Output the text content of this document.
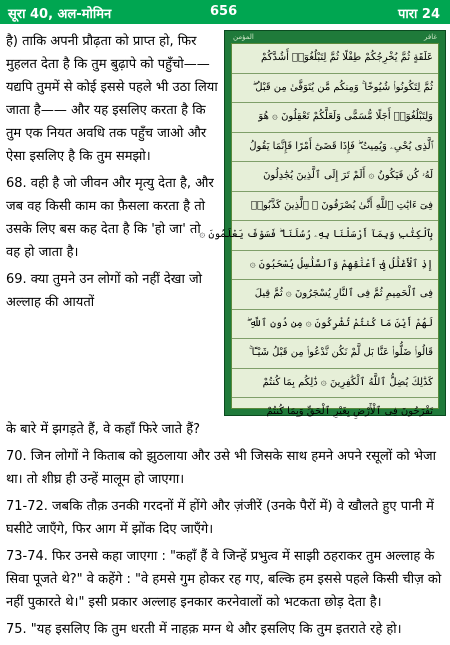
सूरा 40, अल-मोमिन	656	पारा 24

है) ताकि अपनी प्रौढ़ता को प्राप्त हो, फिर मुहलत देता है कि तुम बुढ़ापे को पहुँचो—— यद्यपि तुममें से कोई इससे पहले भी उठा लिया जाता है—— और यह इसलिए करता है कि तुम एक नियत अवधि तक पहुँच जाओ और ऐसा इसलिए है कि तुम समझो।

68. वही है जो जीवन और मृत्यु देता है, और जब वह किसी काम का फ़ैसला करता है तो उसके लिए बस कह देता है कि 'हो जा' तो वह हो जाता है।

69. क्या तुमने उन लोगों को नहीं देखा जो अल्लाह की आयतों

المؤمن	غافر
عَلَقَةٍ ثُمَّ يُخْرِجُكُمْ طِفْلًا ثُمَّ لِتَبْلُغُوٓا۟ أَشُدَّكُمْ
ثُمَّ لِتَكُونُوا۟ شُيُوخًا ۚ وَمِنكُم مَّن يُتَوَفَّىٰ مِن قَبْلُ ۖ
وَلِتَبْلُغُوٓا۟ أَجَلًا مُّسَمًّى وَلَعَلَّكُمْ تَعْقِلُونَ ۞ هُوَ
ٱلَّذِى يُحْىِۦ وَيُمِيتُ ۖ فَإِذَا قَضَىٰٓ أَمْرًا فَإِنَّمَا يَقُولُ
لَهُۥ كُن فَيَكُونُ ۞ أَلَمْ تَرَ إِلَى ٱلَّذِينَ يُجَٰدِلُونَ
فِىٓ ءَايَٰتِ ٱللَّهِ أَنَّىٰ يُصْرَفُونَ ۞ ٱلَّذِينَ كَذَّبُوا۟
بِٱلْكِتَٰبِ وَبِمَآ أَرْسَلْنَا بِهِۦ رُسُلَنَا ۖ فَسَوْفَ يَعْلَمُونَ ۞
إِذِ ٱلْأَغْلَٰلُ فِىٓ أَعْنَٰقِهِمْ وَٱلسَّلَٰسِلُ يُسْحَبُونَ ۞
فِى ٱلْحَمِيمِ ثُمَّ فِى ٱلنَّارِ يُسْجَرُونَ ۞ ثُمَّ قِيلَ
لَهُمْ أَيْنَ مَا كُنتُمْ تُشْرِكُونَ ۞ مِن دُونِ ٱللَّهِ ۖ
قَالُوا۟ ضَلُّوا۟ عَنَّا بَل لَّمْ نَكُن نَّدْعُوا۟ مِن قَبْلُ شَيْـًٔا ۚ
كَذَٰلِكَ يُضِلُّ ٱللَّهُ ٱلْكَٰفِرِينَ ۞ ذَٰلِكُم بِمَا كُنتُمْ
تَفْرَحُونَ فِى ٱلْأَرْضِ بِغَيْرِ ٱلْحَقِّ وَبِمَا كُنتُمْ

के बारे में झगड़ते हैं, वे कहाँ फिरे जाते हैं?

70. जिन लोगों ने किताब को झुठलाया और उसे भी जिसके साथ हमने अपने रसूलों को भेजा था। तो शीघ्र ही उन्हें मालूम हो जाएगा।

71-72. जबकि तौक़ उनकी गरदनों में होंगे और ज़ंजीरें (उनके पैरों में) वे खौलते हुए पानी में घसीटे जाएँगे, फिर आग में झोंक दिए जाएँगे।

73-74. फिर उनसे कहा जाएगा : "कहाँ हैं वे जिन्हें प्रभुत्व में साझी ठहराकर तुम अल्लाह के सिवा पूजते थे?" वे कहेंगे : "वे हमसे गुम होकर रह गए, बल्कि हम इससे पहले किसी चीज़ को नहीं पुकारते थे।" इसी प्रकार अल्लाह इनकार करनेवालों को भटकता छोड़ देता है।

75. "यह इसलिए कि तुम धरती में नाहक़ मग्न थे और इसलिए कि तुम इतराते रहे हो।
